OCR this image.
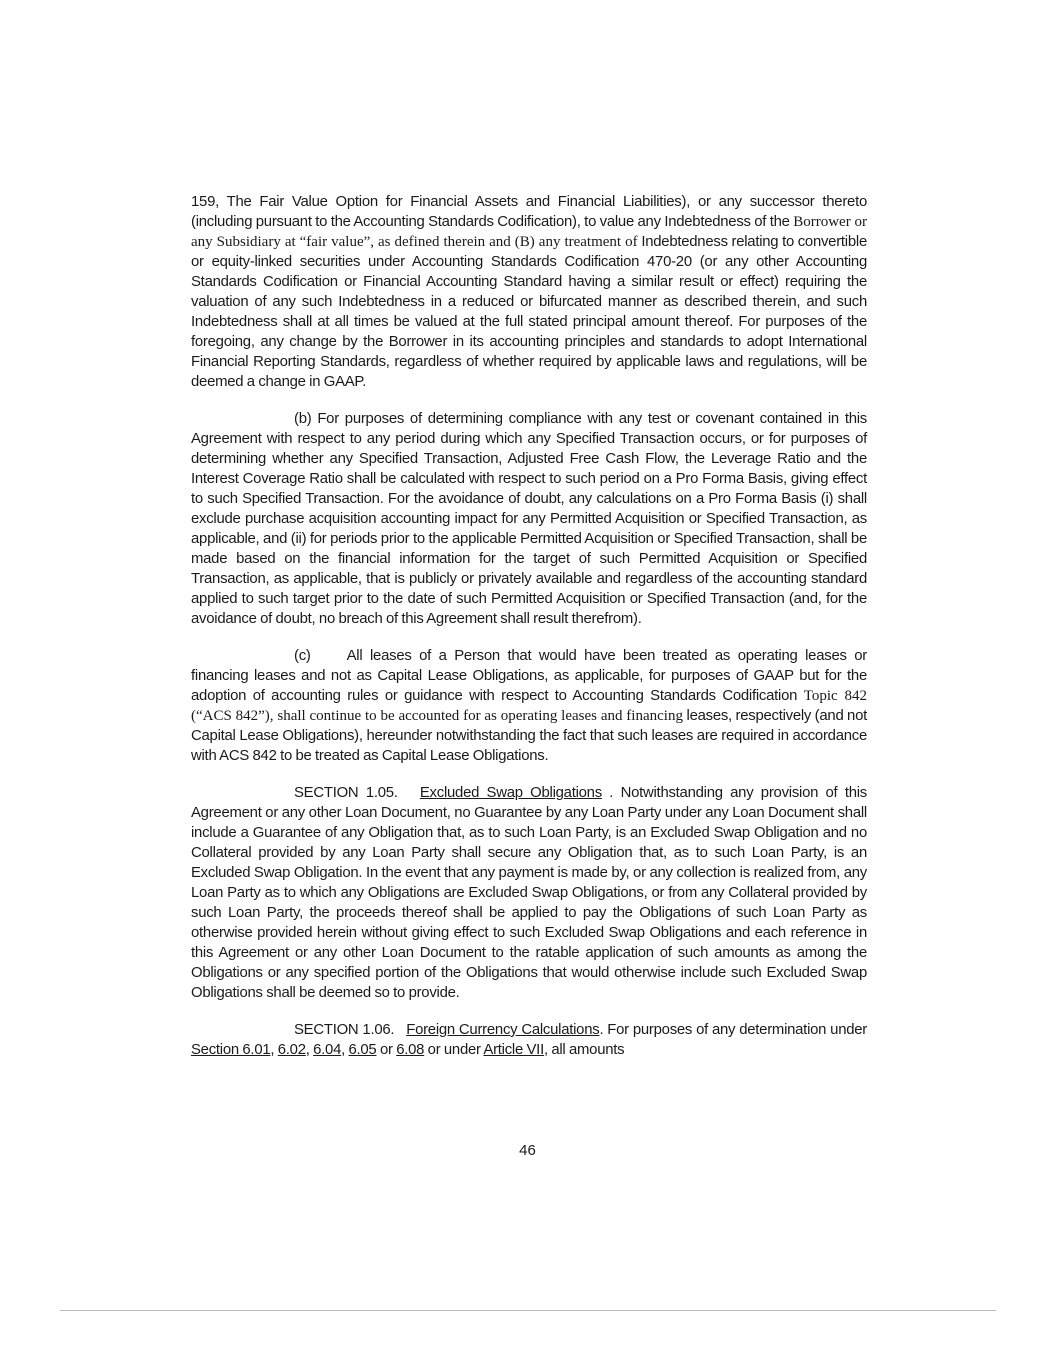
159, The Fair Value Option for Financial Assets and Financial Liabilities), or any successor thereto (including pursuant to the Accounting Standards Codification), to value any Indebtedness of the Borrower or any Subsidiary at “fair value”, as defined therein and (B) any treatment of Indebtedness relating to convertible or equity-linked securities under Accounting Standards Codification 470-20 (or any other Accounting Standards Codification or Financial Accounting Standard having a similar result or effect) requiring the valuation of any such Indebtedness in a reduced or bifurcated manner as described therein, and such Indebtedness shall at all times be valued at the full stated principal amount thereof. For purposes of the foregoing, any change by the Borrower in its accounting principles and standards to adopt International Financial Reporting Standards, regardless of whether required by applicable laws and regulations, will be deemed a change in GAAP.

(b) For purposes of determining compliance with any test or covenant contained in this Agreement with respect to any period during which any Specified Transaction occurs, or for purposes of determining whether any Specified Transaction, Adjusted Free Cash Flow, the Leverage Ratio and the Interest Coverage Ratio shall be calculated with respect to such period on a Pro Forma Basis, giving effect to such Specified Transaction. For the avoidance of doubt, any calculations on a Pro Forma Basis (i) shall exclude purchase acquisition accounting impact for any Permitted Acquisition or Specified Transaction, as applicable, and (ii) for periods prior to the applicable Permitted Acquisition or Specified Transaction, shall be made based on the financial information for the target of such Permitted Acquisition or Specified Transaction, as applicable, that is publicly or privately available and regardless of the accounting standard applied to such target prior to the date of such Permitted Acquisition or Specified Transaction (and, for the avoidance of doubt, no breach of this Agreement shall result therefrom).

(c) All leases of a Person that would have been treated as operating leases or financing leases and not as Capital Lease Obligations, as applicable, for purposes of GAAP but for the adoption of accounting rules or guidance with respect to Accounting Standards Codification Topic 842 (“ACS 842”), shall continue to be accounted for as operating leases and financing leases, respectively (and not Capital Lease Obligations), hereunder notwithstanding the fact that such leases are required in accordance with ACS 842 to be treated as Capital Lease Obligations.

SECTION 1.05. Excluded Swap Obligations . Notwithstanding any provision of this Agreement or any other Loan Document, no Guarantee by any Loan Party under any Loan Document shall include a Guarantee of any Obligation that, as to such Loan Party, is an Excluded Swap Obligation and no Collateral provided by any Loan Party shall secure any Obligation that, as to such Loan Party, is an Excluded Swap Obligation. In the event that any payment is made by, or any collection is realized from, any Loan Party as to which any Obligations are Excluded Swap Obligations, or from any Collateral provided by such Loan Party, the proceeds thereof shall be applied to pay the Obligations of such Loan Party as otherwise provided herein without giving effect to such Excluded Swap Obligations and each reference in this Agreement or any other Loan Document to the ratable application of such amounts as among the Obligations or any specified portion of the Obligations that would otherwise include such Excluded Swap Obligations shall be deemed so to provide.

SECTION 1.06. Foreign Currency Calculations. For purposes of any determination under Section 6.01, 6.02, 6.04, 6.05 or 6.08 or under Article VII, all amounts

46
